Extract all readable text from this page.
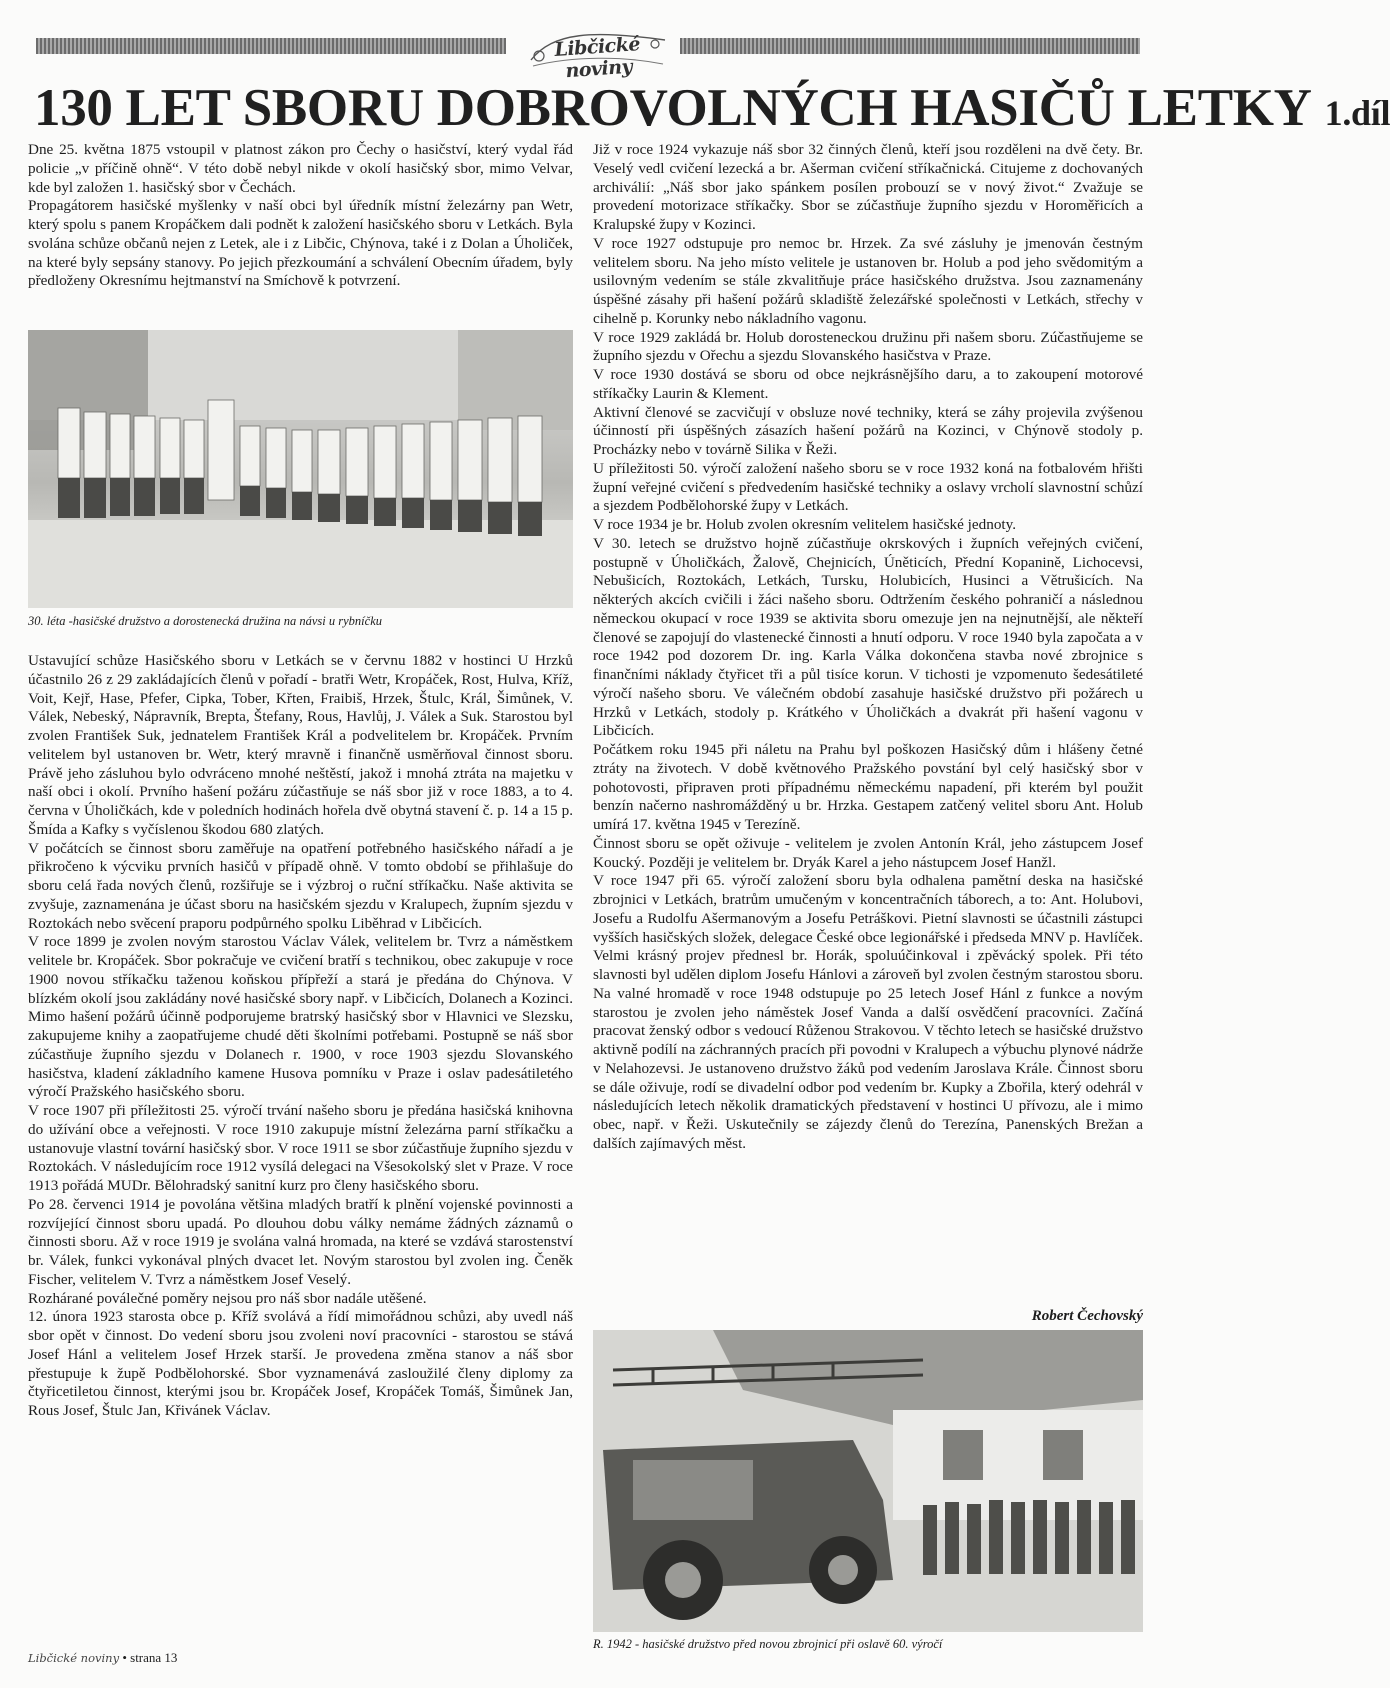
Libčické noviny
130 LET SBORU DOBROVOLNÝCH HASIČŮ LETKY 1.díl

Dne 25. května 1875 vstoupil v platnost zákon pro Čechy o hasičství, který vydal řád policie „v příčině ohně“. V této době nebyl nikde v okolí hasičský sbor, mimo Velvar, kde byl založen 1. hasičský sbor v Čechách.

Propagátorem hasičské myšlenky v naší obci byl úředník místní železárny pan Wetr, který spolu s panem Kropáčkem dali podnět k založení hasičského sboru v Letkách. Byla svolána schůze občanů nejen z Letek, ale i z Libčic, Chýnova, také i z Dolan a Úholiček, na které byly sepsány stanovy. Po jejich přezkoumání a schválení Obecním úřadem, byly předloženy Okresnímu hejtmanství na Smíchově k potvrzení.

30. léta -hasičské družstvo a dorostenecká družina na návsi u rybníčku

Ustavující schůze Hasičského sboru v Letkách se v červnu 1882 v hostinci U Hrzků účastnilo 26 z 29 zakládajících členů v pořadí - bratři Wetr, Kropáček, Rost, Hulva, Kříž, Voit, Kejř, Hase, Pfefer, Cipka, Tober, Křten, Fraibiš, Hrzek, Štulc, Král, Šimůnek, V. Válek, Nebeský, Nápravník, Brepta, Štefany, Rous, Havlůj, J. Válek a Suk. Starostou byl zvolen František Suk, jednatelem František Král a podvelitelem br. Kropáček. Prvním velitelem byl ustanoven br. Wetr, který mravně i finančně usměrňoval činnost sboru. Právě jeho zásluhou bylo odvráceno mnohé neštěstí, jakož i mnohá ztráta na majetku v naší obci i okolí. Prvního hašení požáru zúčastňuje se náš sbor již v roce 1883, a to 4. června v Úholičkách, kde v poledních hodinách hořela dvě obytná stavení č. p. 14 a 15 p. Šmída a Kafky s vyčíslenou škodou 680 zlatých.

V počátcích se činnost sboru zaměřuje na opatření potřebného hasičského nářadí a je přikročeno k výcviku prvních hasičů v případě ohně. V tomto období se přihlašuje do sboru celá řada nových členů, rozšiřuje se i výzbroj o ruční stříkačku. Naše aktivita se zvyšuje, zaznamenána je účast sboru na hasičském sjezdu v Kralupech, župním sjezdu v Roztokách nebo svěcení praporu podpůrného spolku Liběhrad v Libčicích.

V roce 1899 je zvolen novým starostou Václav Válek, velitelem br. Tvrz a náměstkem velitele br. Kropáček. Sbor pokračuje ve cvičení bratří s technikou, obec zakupuje v roce 1900 novou stříkačku taženou koňskou přípřeží a stará je předána do Chýnova. V blízkém okolí jsou zakládány nové hasičské sbory např. v Libčicích, Dolanech a Kozinci. Mimo hašení požárů účinně podporujeme bratrský hasičský sbor v Hlavnici ve Slezsku, zakupujeme knihy a zaopatřujeme chudé děti školními potřebami. Postupně se náš sbor zúčastňuje župního sjezdu v Dolanech r. 1900, v roce 1903 sjezdu Slovanského hasičstva, kladení základního kamene Husova pomníku v Praze i oslav padesátiletého výročí Pražského hasičského sboru.

V roce 1907 při příležitosti 25. výročí trvání našeho sboru je předána hasičská knihovna do užívání obce a veřejnosti. V roce 1910 zakupuje místní železárna parní stříkačku a ustanovuje vlastní tovární hasičský sbor. V roce 1911 se sbor zúčastňuje župního sjezdu v Roztokách. V následujícím roce 1912 vysílá delegaci na Všesokolský slet v Praze. V roce 1913 pořádá MUDr. Bělohradský sanitní kurz pro členy hasičského sboru.

Po 28. červenci 1914 je povolána většina mladých bratří k plnění vojenské povinnosti a rozvíjející činnost sboru upadá. Po dlouhou dobu války nemáme žádných záznamů o činnosti sboru. Až v roce 1919 je svolána valná hromada, na které se vzdává starostenství br. Válek, funkci vykonával plných dvacet let. Novým starostou byl zvolen ing. Čeněk Fischer, velitelem V. Tvrz a náměstkem Josef Veselý.

Rozhárané poválečné poměry nejsou pro náš sbor nadále utěšené.

12. února 1923 starosta obce p. Kříž svolává a řídí mimořádnou schůzi, aby uvedl náš sbor opět v činnost. Do vedení sboru jsou zvoleni noví pracovníci - starostou se stává Josef Hánl a velitelem Josef Hrzek starší. Je provedena změna stanov a náš sbor přestupuje k župě Podbělohorské. Sbor vyznamenává zasloužilé členy diplomy za čtyřicetiletou činnost, kterými jsou br. Kropáček Josef, Kropáček Tomáš, Šimůnek Jan, Rous Josef, Štulc Jan, Křivánek Václav.

Již v roce 1924 vykazuje náš sbor 32 činných členů, kteří jsou rozděleni na dvě čety. Br. Veselý vedl cvičení lezecká a br. Ašerman cvičení stříkačnická. Citujeme z dochovaných archiválií: „Náš sbor jako spánkem posílen probouzí se v nový život.“ Zvažuje se provedení motorizace stříkačky. Sbor se zúčastňuje župního sjezdu v Horoměřicích a Kralupské župy v Kozinci.

V roce 1927 odstupuje pro nemoc br. Hrzek. Za své zásluhy je jmenován čestným velitelem sboru. Na jeho místo velitele je ustanoven br. Holub a pod jeho svědomitým a usilovným vedením se stále zkvalitňuje práce hasičského družstva. Jsou zaznamenány úspěšné zásahy při hašení požárů skladiště železářské společnosti v Letkách, střechy v cihelně p. Korunky nebo nákladního vagonu.

V roce 1929 zakládá br. Holub dorosteneckou družinu při našem sboru. Zúčastňujeme se župního sjezdu v Ořechu a sjezdu Slovanského hasičstva v Praze.

V roce 1930 dostává se sboru od obce nejkrásnějšího daru, a to zakoupení motorové stříkačky Laurin & Klement.

Aktivní členové se zacvičují v obsluze nové techniky, která se záhy projevila zvýšenou účinností při úspěšných zásazích hašení požárů na Kozinci, v Chýnově stodoly p. Procházky nebo v továrně Silika v Řeži.

U příležitosti 50. výročí založení našeho sboru se v roce 1932 koná na fotbalovém hřišti župní veřejné cvičení s předvedením hasičské techniky a oslavy vrcholí slavnostní schůzí a sjezdem Podbělohorské župy v Letkách.

V roce 1934 je br. Holub zvolen okresním velitelem hasičské jednoty.

V 30. letech se družstvo hojně zúčastňuje okrskových i župních veřejných cvičení, postupně v Úholičkách, Žalově, Chejnicích, Úněticích, Přední Kopanině, Lichocevsi, Nebušicích, Roztokách, Letkách, Tursku, Holubicích, Husinci a Větrušicích. Na některých akcích cvičili i žáci našeho sboru. Odtržením českého pohraničí a následnou německou okupací v roce 1939 se aktivita sboru omezuje jen na nejnutnější, ale někteří členové se zapojují do vlastenecké činnosti a hnutí odporu. V roce 1940 byla započata a v roce 1942 pod dozorem Dr. ing. Karla Válka dokončena stavba nové zbrojnice s finančními náklady čtyřicet tři a půl tisíce korun. V tichosti je vzpomenuto šedesátileté výročí našeho sboru. Ve válečném období zasahuje hasičské družstvo při požárech u Hrzků v Letkách, stodoly p. Krátkého v Úholičkách a dvakrát při hašení vagonu v Libčicích.

Počátkem roku 1945 při náletu na Prahu byl poškozen Hasičský dům i hlášeny četné ztráty na životech. V době květnového Pražského povstání byl celý hasičský sbor v pohotovosti, připraven proti případnému německému napadení, při kterém byl použit benzín načerno nashromážděný u br. Hrzka. Gestapem zatčený velitel sboru Ant. Holub umírá 17. května 1945 v Terezíně.

Činnost sboru se opět oživuje - velitelem je zvolen Antonín Král, jeho zástupcem Josef Koucký. Později je velitelem br. Dryák Karel a jeho nástupcem Josef Hanžl.

V roce 1947 při 65. výročí založení sboru byla odhalena pamětní deska na hasičské zbrojnici v Letkách, bratrům umučeným v koncentračních táborech, a to: Ant. Holubovi, Josefu a Rudolfu Ašermanovým a Josefu Petráškovi. Pietní slavnosti se účastnili zástupci vyšších hasičských složek, delegace České obce legionářské i předseda MNV p. Havlíček. Velmi krásný projev přednesl br. Horák, spoluúčinkoval i zpěvácký spolek. Při této slavnosti byl udělen diplom Josefu Hánlovi a zároveň byl zvolen čestným starostou sboru. Na valné hromadě v roce 1948 odstupuje po 25 letech Josef Hánl z funkce a novým starostou je zvolen jeho náměstek Josef Vanda a další osvědčení pracovníci. Začíná pracovat ženský odbor s vedoucí Růženou Strakovou. V těchto letech se hasičské družstvo aktivně podílí na záchranných pracích při povodni v Kralupech a výbuchu plynové nádrže v Nelahozevsi. Je ustanoveno družstvo žáků pod vedením Jaroslava Krále. Činnost sboru se dále oživuje, rodí se divadelní odbor pod vedením br. Kupky a Zbořila, který odehrál v následujících letech několik dramatických představení v hostinci U přívozu, ale i mimo obec, např. v Řeži. Uskutečnily se zájezdy členů do Terezína, Panenských Brežan a dalších zajímavých měst.

Robert Čechovský
R. 1942 - hasičské družstvo před novou zbrojnicí při oslavě 60. výročí
Libčické noviny • strana 13
